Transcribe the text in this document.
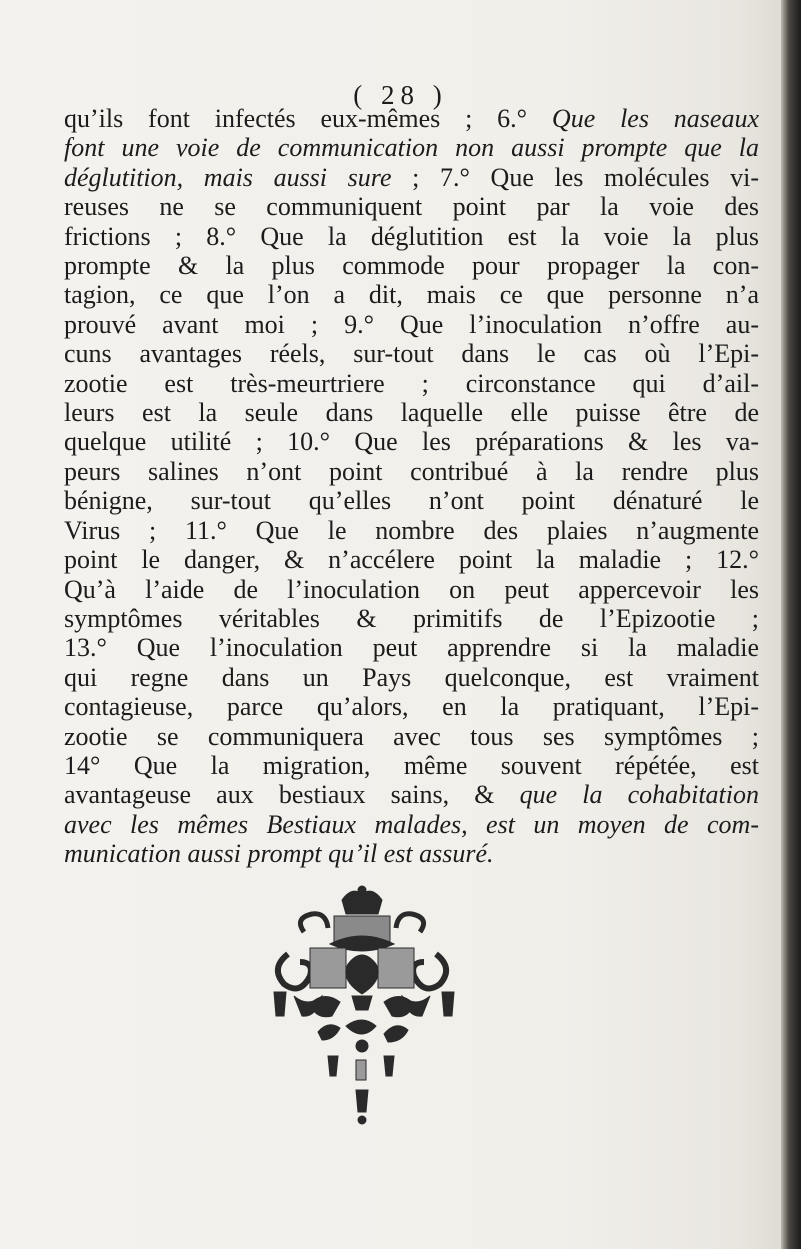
( 28 )
qu’ils font infectés eux-mêmes ; 6.° Que les naseaux
font une voie de communication non aussi prompte que la
déglutition, mais aussi sure ; 7.° Que les molécules vi-
reuses ne se communiquent point par la voie des
frictions ; 8.° Que la déglutition est la voie la plus
prompte & la plus commode pour propager la con-
tagion, ce que l’on a dit, mais ce que personne n’a
prouvé avant moi ; 9.° Que l’inoculation n’offre au-
cuns avantages réels, sur-tout dans le cas où l’Epi-
zootie est très-meurtriere ; circonstance qui d’ail-
leurs est la seule dans laquelle elle puisse être de
quelque utilité ; 10.° Que les préparations & les va-
peurs salines n’ont point contribué à la rendre plus
bénigne, sur-tout qu’elles n’ont point dénaturé le
Virus ; 11.° Que le nombre des plaies n’augmente
point le danger, & n’accélere point la maladie ; 12.°
Qu’à l’aide de l’inoculation on peut appercevoir les
symptômes véritables & primitifs de l’Epizootie ;
13.° Que l’inoculation peut apprendre si la maladie
qui regne dans un Pays quelconque, est vraiment
contagieuse, parce qu’alors, en la pratiquant, l’Epi-
zootie se communiquera avec tous ses symptômes ;
14° Que la migration, même souvent répétée, est
avantageuse aux bestiaux sains, & que la cohabitation
avec les mêmes Bestiaux malades, est un moyen de com-
munication aussi prompt qu’il est assuré.
